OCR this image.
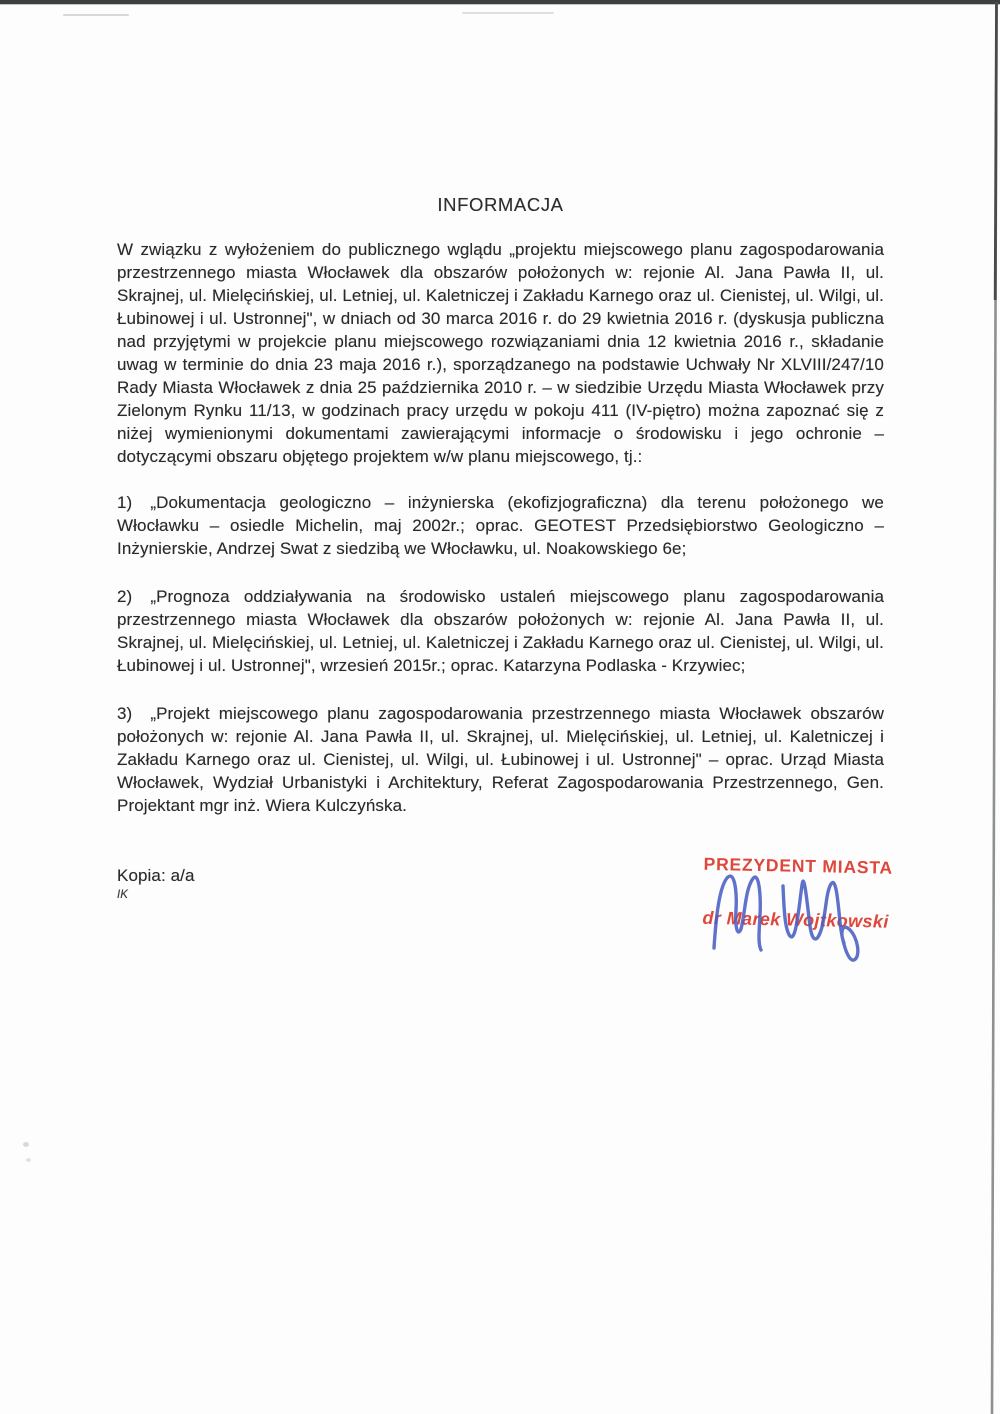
INFORMACJA

W związku z wyłożeniem do publicznego wglądu „projektu miejscowego planu zagospodarowania przestrzennego miasta Włocławek dla obszarów położonych w: rejonie Al. Jana Pawła II, ul. Skrajnej, ul. Mielęcińskiej, ul. Letniej, ul. Kaletniczej i Zakładu Karnego oraz ul. Cienistej, ul. Wilgi, ul. Łubinowej i ul. Ustronnej", w dniach od 30 marca 2016 r. do 29 kwietnia 2016 r. (dyskusja publiczna nad przyjętymi w projekcie planu miejscowego rozwiązaniami dnia 12 kwietnia 2016 r., składanie uwag w terminie do dnia 23 maja 2016 r.), sporządzanego na podstawie Uchwały Nr XLVIII/247/10 Rady Miasta Włocławek z dnia 25 października 2010 r. – w siedzibie Urzędu Miasta Włocławek przy Zielonym Rynku 11/13, w godzinach pracy urzędu w pokoju 411 (IV-piętro) można zapoznać się z niżej wymienionymi dokumentami zawierającymi informacje o środowisku i jego ochronie – dotyczącymi obszaru objętego projektem w/w planu miejscowego, tj.:

1) „Dokumentacja geologiczno – inżynierska (ekofizjograficzna) dla terenu położonego we Włocławku – osiedle Michelin, maj 2002r.; oprac. GEOTEST Przedsiębiorstwo Geologiczno – Inżynierskie, Andrzej Swat z siedzibą we Włocławku, ul. Noakowskiego 6e;

2) „Prognoza oddziaływania na środowisko ustaleń miejscowego planu zagospodarowania przestrzennego miasta Włocławek dla obszarów położonych w: rejonie Al. Jana Pawła II, ul. Skrajnej, ul. Mielęcińskiej, ul. Letniej, ul. Kaletniczej i Zakładu Karnego oraz ul. Cienistej, ul. Wilgi, ul. Łubinowej i ul. Ustronnej", wrzesień 2015r.; oprac. Katarzyna Podlaska - Krzywiec;

3) „Projekt miejscowego planu zagospodarowania przestrzennego miasta Włocławek obszarów położonych w: rejonie Al. Jana Pawła II, ul. Skrajnej, ul. Mielęcińskiej, ul. Letniej, ul. Kaletniczej i Zakładu Karnego oraz ul. Cienistej, ul. Wilgi, ul. Łubinowej i ul. Ustronnej" – oprac. Urząd Miasta Włocławek, Wydział Urbanistyki i Architektury, Referat Zagospodarowania Przestrzennego, Gen. Projektant mgr inż. Wiera Kulczyńska.

Kopia: a/a
IK
PREZYDENT MIASTA
dr Marek Wojtkowski
